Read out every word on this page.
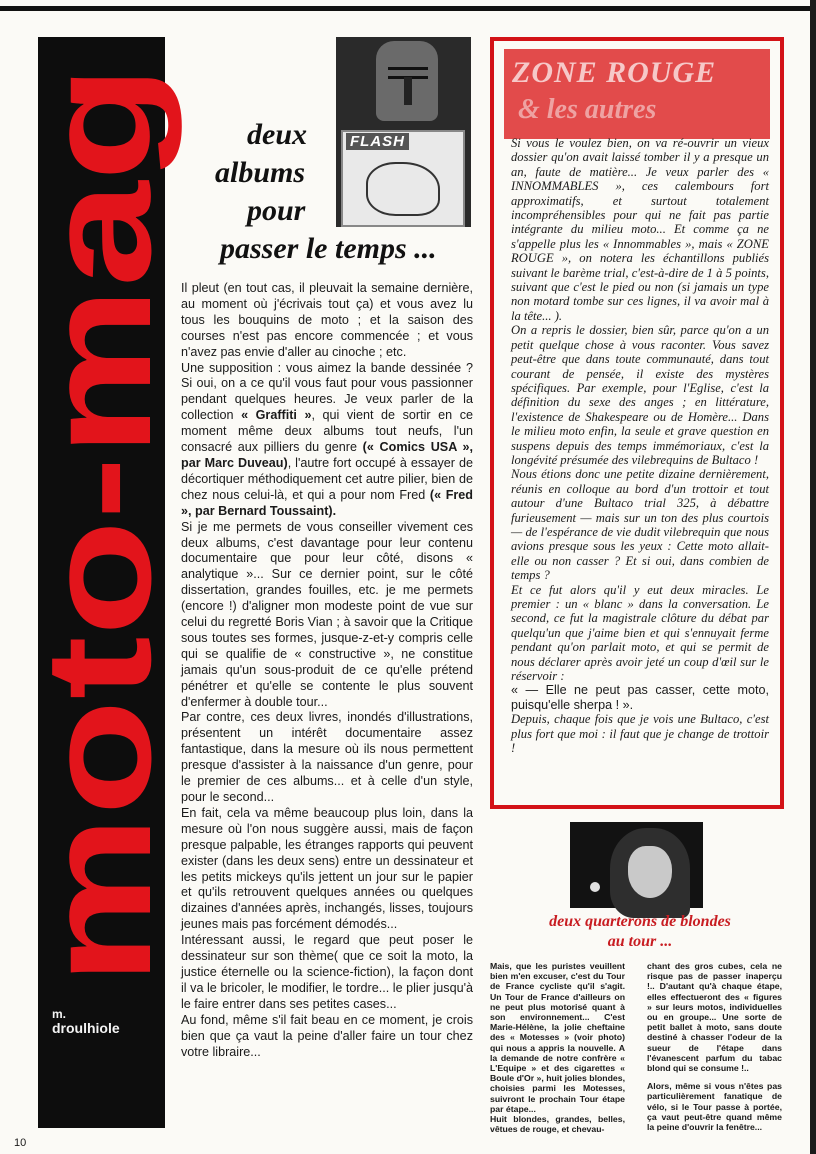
moto-mag
m.
droulhiole
10
FLASH
deux
albums
pour
passer le temps ...

Il pleut (en tout cas, il pleuvait la semaine dernière, au moment où j'écrivais tout ça) et vous avez lu tous les bouquins de moto ; et la saison des courses n'est pas encore commencée ; et vous n'avez pas envie d'aller au cinoche ; etc.

Une supposition : vous aimez la bande dessinée ? Si oui, on a ce qu'il vous faut pour vous passionner pendant quelques heures. Je veux parler de la collection « Graffiti », qui vient de sortir en ce moment même deux albums tout neufs, l'un consacré aux pilliers du genre (« Comics USA », par Marc Duveau), l'autre fort occupé à essayer de décortiquer méthodiquement cet autre pilier, bien de chez nous celui-là, et qui a pour nom Fred (« Fred », par Bernard Toussaint).

Si je me permets de vous conseiller vivement ces deux albums, c'est davantage pour leur contenu documentaire que pour leur côté, disons « analytique »... Sur ce dernier point, sur le côté dissertation, grandes fouilles, etc. je me permets (encore !) d'aligner mon modeste point de vue sur celui du regretté Boris Vian ; à savoir que la Critique sous toutes ses formes, jusque-z-et-y compris celle qui se qualifie de « constructive », ne constitue jamais qu'un sous-produit de ce qu'elle prétend pénétrer et qu'elle se contente le plus souvent d'enfermer à double tour...

Par contre, ces deux livres, inondés d'illustrations, présentent un intérêt documentaire assez fantastique, dans la mesure où ils nous permettent presque d'assister à la naissance d'un genre, pour le premier de ces albums... et à celle d'un style, pour le second...

En fait, cela va même beaucoup plus loin, dans la mesure où l'on nous suggère aussi, mais de façon presque palpable, les étranges rapports qui peuvent exister (dans les deux sens) entre un dessinateur et les petits mickeys qu'ils jettent un jour sur le papier et qu'ils retrouvent quelques années ou quelques dizaines d'années après, inchangés, lisses, toujours jeunes mais pas forcément démodés...

Intéressant aussi, le regard que peut poser le dessinateur sur son thème( que ce soit la moto, la justice éternelle ou la science-fiction), la façon dont il va le bricoler, le modifier, le tordre... le plier jusqu'à le faire entrer dans ses petites cases...

Au fond, même s'il fait beau en ce moment, je crois bien que ça vaut la peine d'aller faire un tour chez votre libraire...

ZONE ROUGE
& les autres

Si vous le voulez bien, on va ré-ouvrir un vieux dossier qu'on avait laissé tomber il y a presque un an, faute de matière... Je veux parler des « INNOMMABLES », ces calembours fort approximatifs, et surtout totalement incompréhensibles pour qui ne fait pas partie intégrante du milieu moto... Et comme ça ne s'appelle plus les « Innommables », mais « ZONE ROUGE », on notera les échantillons publiés suivant le barème trial, c'est-à-dire de 1 à 5 points, suivant que c'est le pied ou non (si jamais un type non motard tombe sur ces lignes, il va avoir mal à la tête... ).

On a repris le dossier, bien sûr, parce qu'on a un petit quelque chose à vous raconter. Vous savez peut-être que dans toute communauté, dans tout courant de pensée, il existe des mystères spécifiques. Par exemple, pour l'Eglise, c'est la définition du sexe des anges ; en littérature, l'existence de Shakespeare ou de Homère... Dans le milieu moto enfin, la seule et grave question en suspens depuis des temps immémoriaux, c'est la longévité présumée des vilebrequins de Bultaco !

Nous étions donc une petite dizaine dernièrement, réunis en colloque au bord d'un trottoir et tout autour d'une Bultaco trial 325, à débattre furieusement — mais sur un ton des plus courtois — de l'espérance de vie dudit vilebrequin que nous avions presque sous les yeux : Cette moto allait-elle ou non casser ? Et si oui, dans combien de temps ?

Et ce fut alors qu'il y eut deux miracles. Le premier : un « blanc » dans la conversation. Le second, ce fut la magistrale clôture du débat par quelqu'un que j'aime bien et qui s'ennuyait ferme pendant qu'on parlait moto, et qui se permit de nous déclarer après avoir jeté un coup d'œil sur le réservoir :

« — Elle ne peut pas casser, cette moto, puisqu'elle sherpa ! ».

Depuis, chaque fois que je vois une Bultaco, c'est plus fort que moi : il faut que je change de trottoir !

deux quarterons de blondes
au tour ...

Mais, que les puristes veuillent bien m'en excuser, c'est du Tour de France cycliste qu'il s'agit. Un Tour de France d'ailleurs on ne peut plus motorisé quant à son environnement... C'est Marie-Hélène, la jolie cheftaine des « Motesses » (voir photo) qui nous a appris la nouvelle. A la demande de notre confrère « L'Equipe » et des cigarettes « Boule d'Or », huit jolies blondes, choisies parmi les Motesses, suivront le prochain Tour étape par étape...

Huit blondes, grandes, belles, vêtues de rouge, et chevau-

chant des gros cubes, cela ne risque pas de passer inaperçu !.. D'autant qu'à chaque étape, elles effectueront des « figures » sur leurs motos, individuelles ou en groupe... Une sorte de petit ballet à moto, sans doute destiné à chasser l'odeur de la sueur de l'étape dans l'évanescent parfum du tabac blond qui se consume !..

Alors, même si vous n'êtes pas particulièrement fanatique de vélo, si le Tour passe à portée, ça vaut peut-être quand même la peine d'ouvrir la fenêtre...
